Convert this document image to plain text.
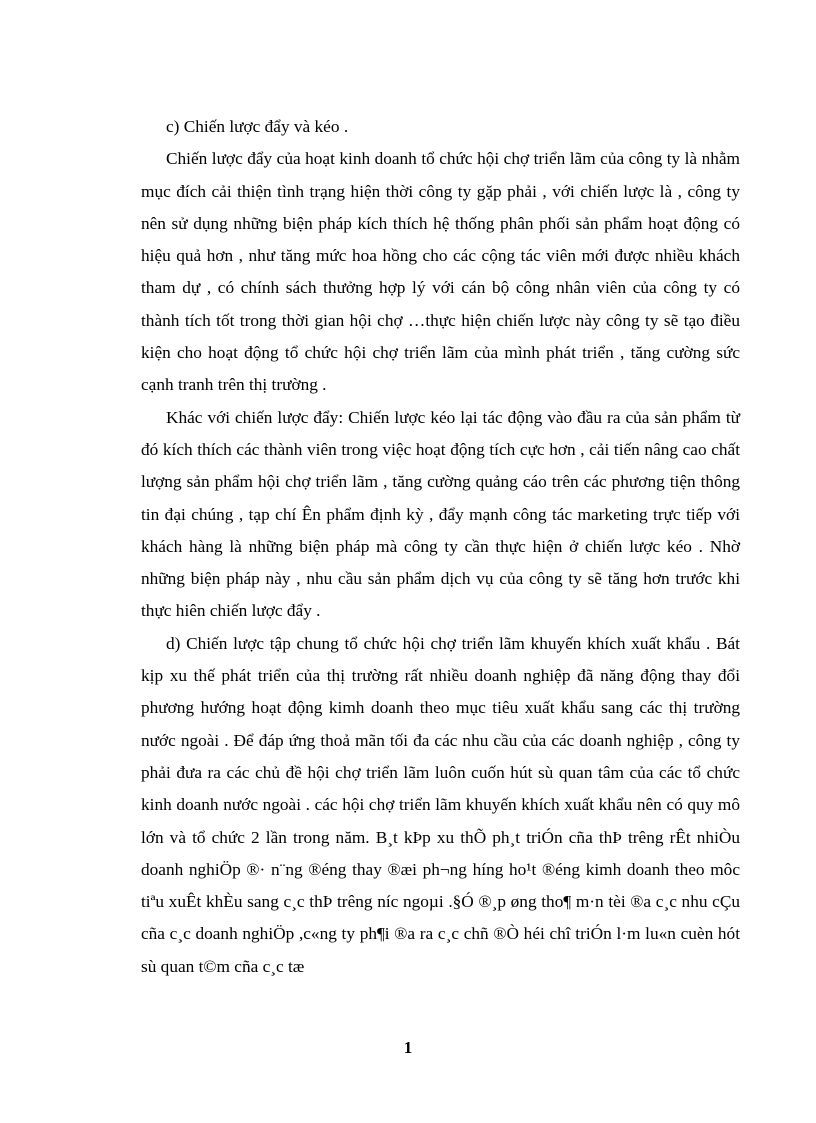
c) Chiến lược đẩy và kéo .

Chiến lược đẩy của hoạt kinh doanh tổ chức hội chợ triển lãm của công ty là nhằm mục đích cải thiện tình trạng hiện thời công ty gặp phải , với chiến lược là , công ty nên sử dụng những biện pháp kích thích hệ thống phân phối sản phẩm hoạt động có hiệu quả hơn , như tăng mức hoa hồng cho các cộng tác viên mới được nhiều khách tham dự , có chính sách thưởng hợp lý với cán bộ công nhân viên của công ty có thành tích tốt trong thời gian hội chợ …thực hiện chiến lược này công ty sẽ tạo điều kiện cho hoạt động tổ chức hội chợ triển lãm của mình phát triển , tăng cường sức cạnh tranh trên thị trường .

Khác với chiến lược đẩy: Chiến lược kéo lại tác động vào đầu ra của sản phẩm từ đó kích thích các thành viên trong việc hoạt động tích cực hơn , cải tiến nâng cao chất lượng sản phẩm hội chợ triển lãm , tăng cường quảng cáo trên các phương tiện thông tin đại chúng , tạp chí Ên phẩm định kỳ , đẩy mạnh công tác marketing trực tiếp với khách hàng là những biện pháp mà công ty cần thực hiện ở chiến lược kéo . Nhờ những biện pháp này , nhu cầu sản phẩm dịch vụ của công ty sẽ tăng hơn trước khi thực hiên chiến lược đẩy .

d) Chiến lược tập chung tổ chức hội chợ triển lãm khuyến khích xuất khẩu . Bát kịp xu thế phát triển của thị trường rất nhiều doanh nghiệp đã năng động thay đổi phương hướng hoạt động kimh doanh theo mục tiêu xuất khẩu sang các thị trường nước ngoài . Để đáp ứng thoả mãn tối đa các nhu cầu của các doanh nghiệp , công ty phải đưa ra các chủ đề hội chợ triển lãm luôn cuốn hút sù quan tâm của các tổ chức kinh doanh nước ngoài . các hội chợ triển lãm khuyến khích xuất khẩu nên có quy mô lớn và tổ chức 2 lần trong năm. B¸t kÞp xu thÕ ph¸t triÓn cña thÞ trêng rÊt nhiÒu doanh nghiÖp ®· n¨ng ®éng thay ®æi ph¬ng híng ho¹t ®éng kimh doanh theo môc tiªu xuÊt khÈu sang c¸c thÞ trêng níc ngoµi .§Ó ®¸p øng tho¶ m·n tèi ®a c¸c nhu cÇu cña c¸c doanh nghiÖp ,c«ng ty ph¶i ®a ra c¸c chñ ®Ò héi chî triÓn l·m lu«n cuèn hót sù quan t©m cña c¸c tæ

1
